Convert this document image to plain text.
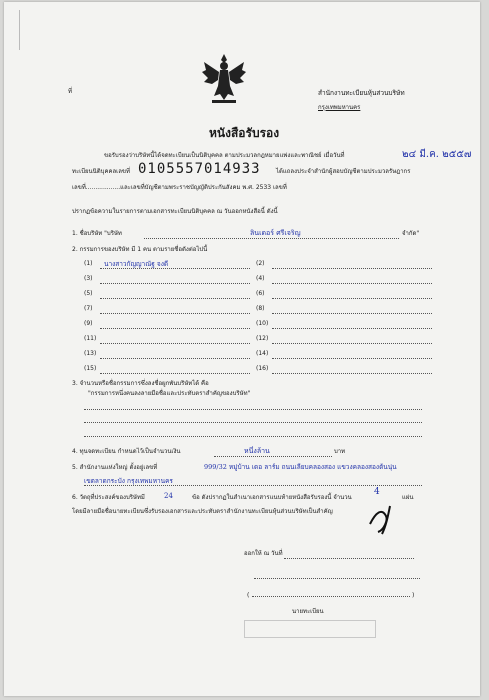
ที่	สำนักงานทะเบียนหุ้นส่วนบริษัท
กรุงเทพมหานคร
หนังสือรับรอง
ขอรับรองว่าบริษัทนี้ได้จดทะเบียนเป็นนิติบุคคล ตามประมวลกฎหมายแพ่งและพาณิชย์ เมื่อวันที่	๒๔ มี.ค. ๒๕๕๗
ทะเบียนนิติบุคคลเลขที่ 0105557014933	ได้แถลงประจำสำนักผู้สอบบัญชีตามประมวลรัษฎากร
เลขที่..................และเลขที่บัญชีตามพระราชบัญญัติประกันสังคม พ.ศ. 2533 เลขที่
ปรากฏข้อความในรายการตามเอกสารทะเบียนนิติบุคคล ณ วันออกหนังสือนี้ ดังนี้
1. ชื่อบริษัท "บริษัท	ลินเดอร์ ศรีเจริญ	จำกัด"
2. กรรมการของบริษัท มี 1 คน ตามรายชื่อดังต่อไปนี้
(1) นางสาวกัญญาณัฐ จงดี	(2)
(3)	(4)
(5)	(6)
(7)	(8)
(9)	(10)
(11)	(12)
(13)	(14)
(15)	(16)
3. จำนวนหรือชื่อกรรมการซึ่งลงชื่อผูกพันบริษัทได้ คือ
"กรรมการหนึ่งคนลงลายมือชื่อและประทับตราสำคัญของบริษัท"
4. ทุนจดทะเบียน กำหนดไว้เป็นจำนวนเงิน	หนึ่งล้าน	บาท
5. สำนักงานแห่งใหญ่ ตั้งอยู่เลขที่	999/32 หมู่บ้าน เดอ ลาร์ม ถนนเลียบคลองสอง แขวงคลองสองต้นนุ่น
เขตลาดกระบัง กรุงเทพมหานคร
6. วัตถุที่ประสงค์ของบริษัทมี	24	ข้อ ดังปรากฏในสำเนาเอกสารแนบท้ายหนังสือรับรองนี้ จำนวน
4
แผ่น
โดยมีลายมือชื่อนายทะเบียนซึ่งรับรองเอกสารและประทับตราสำนักงานทะเบียนหุ้นส่วนบริษัทเป็นสำคัญ
ออกให้ ณ วันที่
(	)
นายทะเบียน
